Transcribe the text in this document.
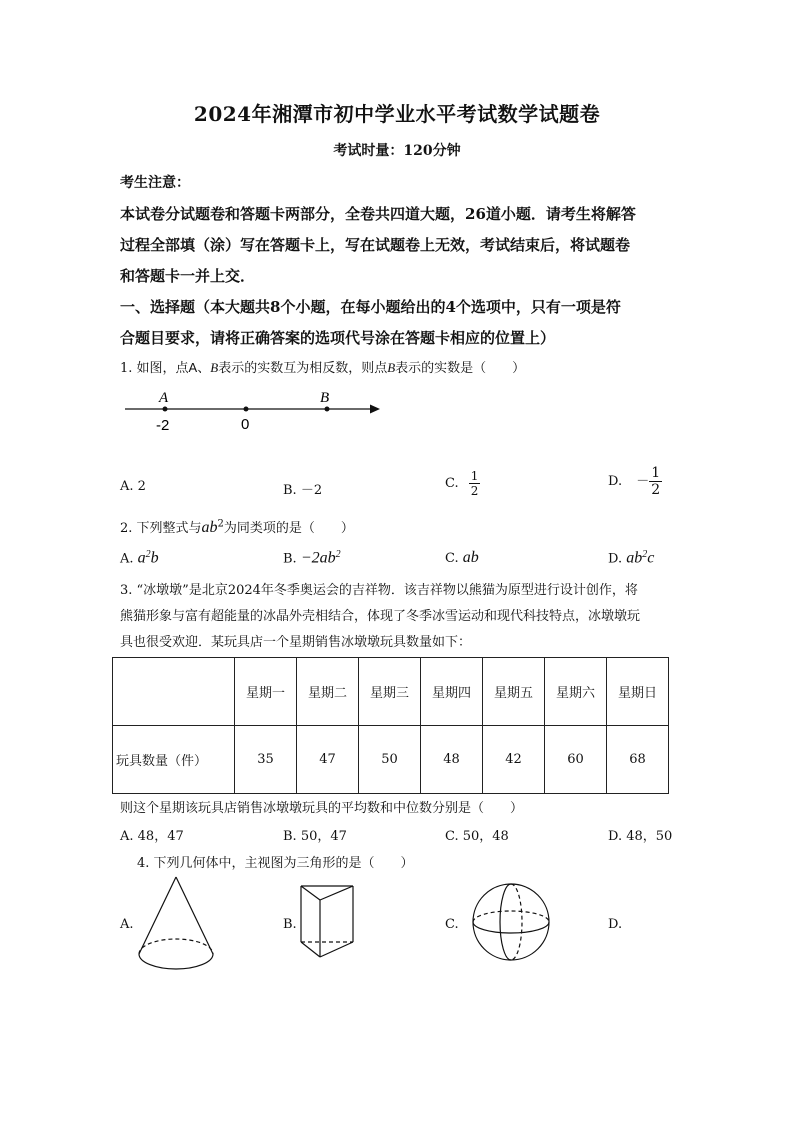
2024年湘潭市初中学业水平考试数学试题卷
考试时量：120分钟
考生注意：
本试卷分试题卷和答题卡两部分，全卷共四道大题，26道小题．请考生将解答
过程全部填（涂）写在答题卡上，写在试题卷上无效，考试结束后，将试题卷
和答题卡一并上交．
一、选择题（本大题共8个小题，在每小题给出的4个选项中，只有一项是符
合题目要求，请将正确答案的选项代号涂在答题卡相应的位置上）
1. 如图，点A、B表示的实数互为相反数，则点B表示的实数是（　　）
A	B
-2	0
A. 2	B. －2	C. $\frac{1}{2}$	D. － $\frac{1}{2}$
2. 下列整式与$ab^2$为同类项的是（　　）
A. $a^2b$	B. $-2ab^2$	C. ab	D. $ab^2c$
3. “冰墩墩”是北京2024年冬季奥运会的吉祥物．该吉祥物以熊猫为原型进行设计创作，将
熊猫形象与富有超能量的冰晶外壳相结合，体现了冬季冰雪运动和现代科技特点，冰墩墩玩
具也很受欢迎．某玩具店一个星期销售冰墩墩玩具数量如下：
	星期一	星期二	星期三	星期四	星期五	星期六	星期日
玩具数量（件）	35	47	50	48	42	60	68
则这个星期该玩具店销售冰墩墩玩具的平均数和中位数分别是（　　）
A. 48，47	B. 50，47	C. 50，48	D. 48，50
4. 下列几何体中，主视图为三角形的是（　　）
A.	B.	C.	D.
